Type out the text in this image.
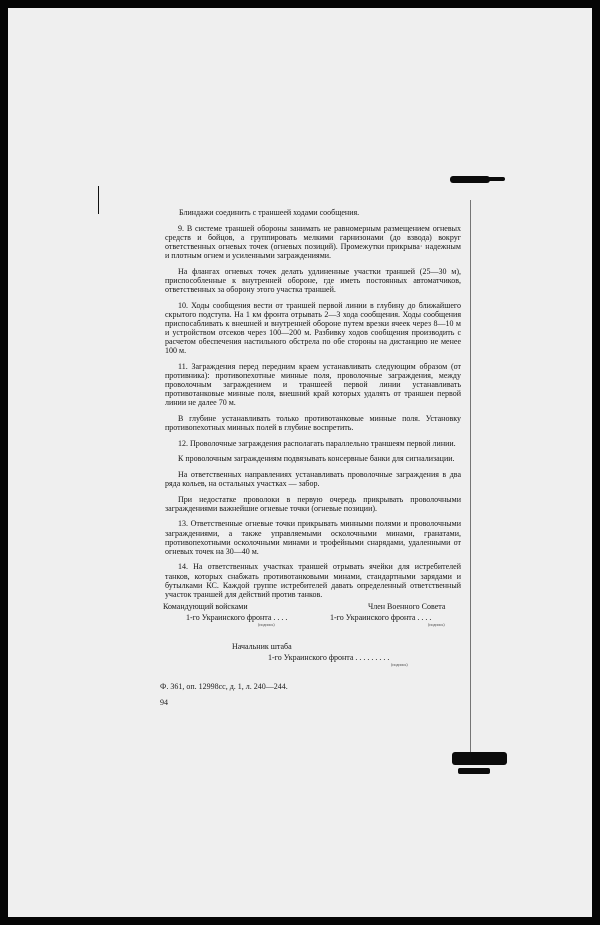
Блиндажи соединить с траншеей ходами сообщения.

9. В системе траншей обороны занимать не равномерным размещением огневых средств и бойцов, а группировать мелкими гарнизонами (до взвода) вокруг ответственных огневых точек (огневых позиций). Промежутки прикрыва· надежным и плотным огнем и усиленными заграждениями.

На флангах огневых точек делать удлиненные участки траншей (25—30 м), приспособленные к внутренней обороне, где иметь постоянных автоматчиков, ответственных за оборону этого участка траншей.

10. Ходы сообщения вести от траншей первой линии в глубину до ближайшего скрытого подступа. На 1 км фронта отрывать 2—3 хода сообщения. Ходы сообщения приспосабливать к внешней и внутренней обороне путем врезки ячеек через 8—10 м и устройством отсеков через 100—200 м. Разбивку ходов сообщения производить с расчетом обеспечения настильного обстрела по обе стороны на дистанцию не менее 100 м.

11. Заграждения перед передним краем устанавливать следующим образом (от противника): противопехотные минные поля, проволочные заграждения, между проволочным заграждением и траншеей первой линии устанавливать противотанковые минные поля, внешний край которых удалять от траншеи первой линии не далее 70 м.

В глубине устанавливать только противотанковые минные поля. Установку противопехотных минных полей в глубине воспретить.

12. Проволочные заграждения располагать параллельно траншеям первой линии.

К проволочным заграждениям подвязывать консервные банки для сигнализации.

На ответственных направлениях устанавливать проволочные заграждения в два ряда кольев, на остальных участках — забор.

При недостатке проволоки в первую очередь прикрывать проволочными заграждениями важнейшие огневые точки (огневые позиции).

13. Ответственные огневые точки прикрывать минными полями и проволочными заграждениями, а также управляемыми осколочными минами, гранатами, противопехотными осколочными минами и трофейными снарядами, удаленными от огневых точек на 30—40 м.

14. На ответственных участках траншей отрывать ячейки для истребителей танков, которых снабжать противотанковыми минами, стандартными зарядами и бутылками КС. Каждой группе истребителей давать определенный ответственный участок траншей для действий против танков.

Командующий войсками
1-го Украинского фронта . . . .
(подпись)
Член Военного Совета
1-го Украинского фронта . . . .
(подпись)
Начальник штаба
1-го Украинского фронта . . . . . . . . .
(подпись)
Ф. 361, оп. 12998сс, д. 1, л. 240—244.
94
